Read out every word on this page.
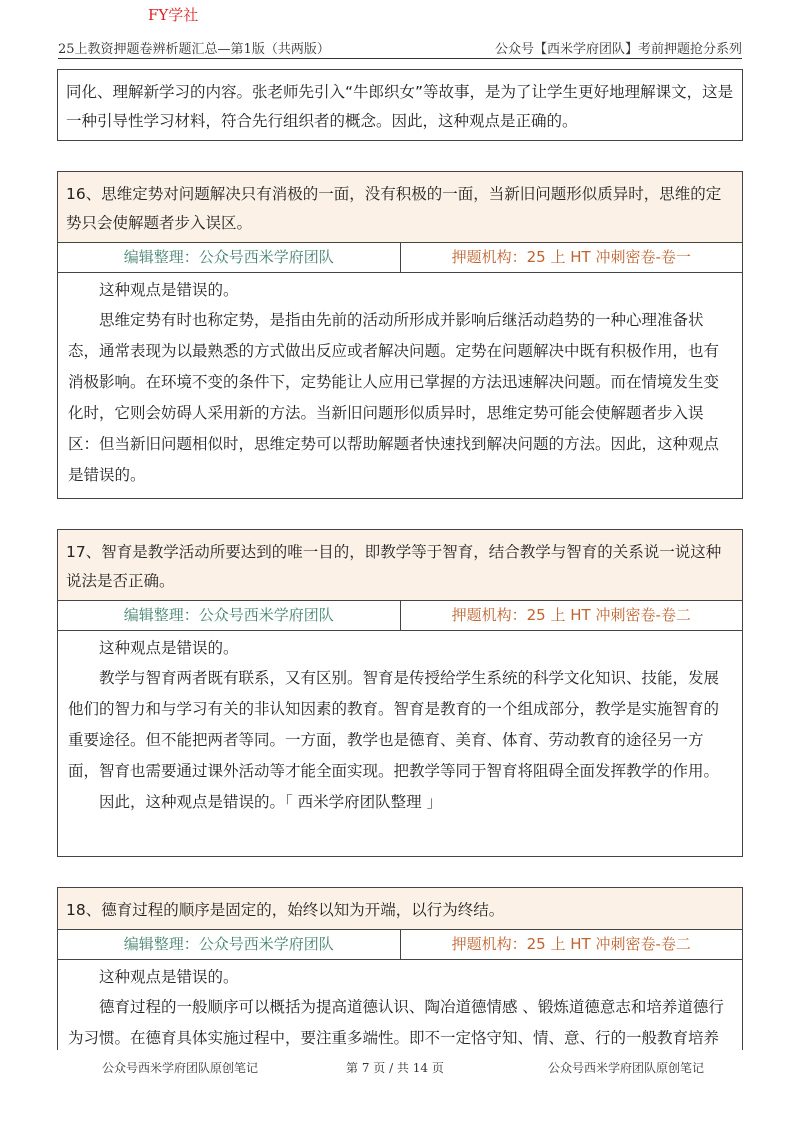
FY学社
25上教资押题卷辨析题汇总—第1版（共两版）	公众号【西米学府团队】考前押题抢分系列

同化、理解新学习的内容。张老师先引入“牛郎织女”等故事，是为了让学生更好地理解课文，这是一种引导性学习材料，符合先行组织者的概念。因此，这种观点是正确的。

16、思维定势对问题解决只有消极的一面，没有积极的一面，当新旧问题形似质异时，思维的定势只会使解题者步入误区。
编辑整理：公众号西米学府团队	押题机构：25 上 HT 冲刺密卷-卷一

这种观点是错误的。

思维定势有时也称定势，是指由先前的活动所形成并影响后继活动趋势的一种心理准备状态，通常表现为以最熟悉的方式做出反应或者解决问题。定势在问题解决中既有积极作用，也有消极影响。在环境不变的条件下，定势能让人应用已掌握的方法迅速解决问题。而在情境发生变化时，它则会妨碍人采用新的方法。当新旧问题形似质异时，思维定势可能会使解题者步入误区：但当新旧问题相似时，思维定势可以帮助解题者快速找到解决问题的方法。因此，这种观点是错误的。

17、智育是教学活动所要达到的唯一目的，即教学等于智育，结合教学与智育的关系说一说这种说法是否正确。
编辑整理：公众号西米学府团队	押题机构：25 上 HT 冲刺密卷-卷二

这种观点是错误的。

教学与智育两者既有联系，又有区别。智育是传授给学生系统的科学文化知识、技能，发展他们的智力和与学习有关的非认知因素的教育。智育是教育的一个组成部分，教学是实施智育的重要途径。但不能把两者等同。一方面，教学也是德育、美育、体育、劳动教育的途径另一方面，智育也需要通过课外活动等才能全面实现。把教学等同于智育将阻碍全面发挥教学的作用。

因此，这种观点是错误的。「 西米学府团队整理 」

18、德育过程的顺序是固定的，始终以知为开端，以行为终结。
编辑整理：公众号西米学府团队	押题机构：25 上 HT 冲刺密卷-卷二

这种观点是错误的。

德育过程的一般顺序可以概括为提高道德认识、陶冶道德情感 、锻炼道德意志和培养道德行为习惯。在德育具体实施过程中，要注重多端性。即不一定恪守知、情、意、行的一般教育培养

公众号西米学府团队原创笔记	第 7 页 / 共 14 页	公众号西米学府团队原创笔记
